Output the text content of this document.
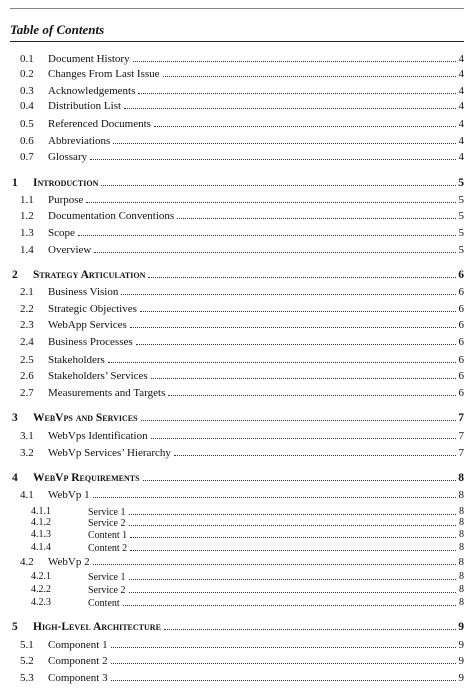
Table of Contents
0.1 Document History	4
0.2 Changes From Last Issue	4
0.3 Acknowledgements	4
0.4 Distribution List	4
0.5 Referenced Documents	4
0.6 Abbreviations	4
0.7 Glossary	4
1 Introduction	5
1.1 Purpose	5
1.2 Documentation Conventions	5
1.3 Scope	5
1.4 Overview	5
2 Strategy Articulation	6
2.1 Business Vision	6
2.2 Strategic Objectives	6
2.3 WebApp Services	6
2.4 Business Processes	6
2.5 Stakeholders	6
2.6 Stakeholders’ Services	6
2.7 Measurements and Targets	6
3 WebVps and Services	7
3.1 WebVps Identification	7
3.2 WebVp Services’ Hierarchy	7
4 WebVp Requirements	8
4.1 WebVp 1	8
4.1.1	Service 1	8
4.1.2	Service 2	8
4.1.3	Content 1	8
4.1.4	Content 2	8
4.2 WebVp 2	8
4.2.1	Service 1	8
4.2.2	Service 2	8
4.2.3	Content	8
5 High-Level Architecture	9
5.1 Component 1	9
5.2 Component 2	9
5.3 Component 3	9
